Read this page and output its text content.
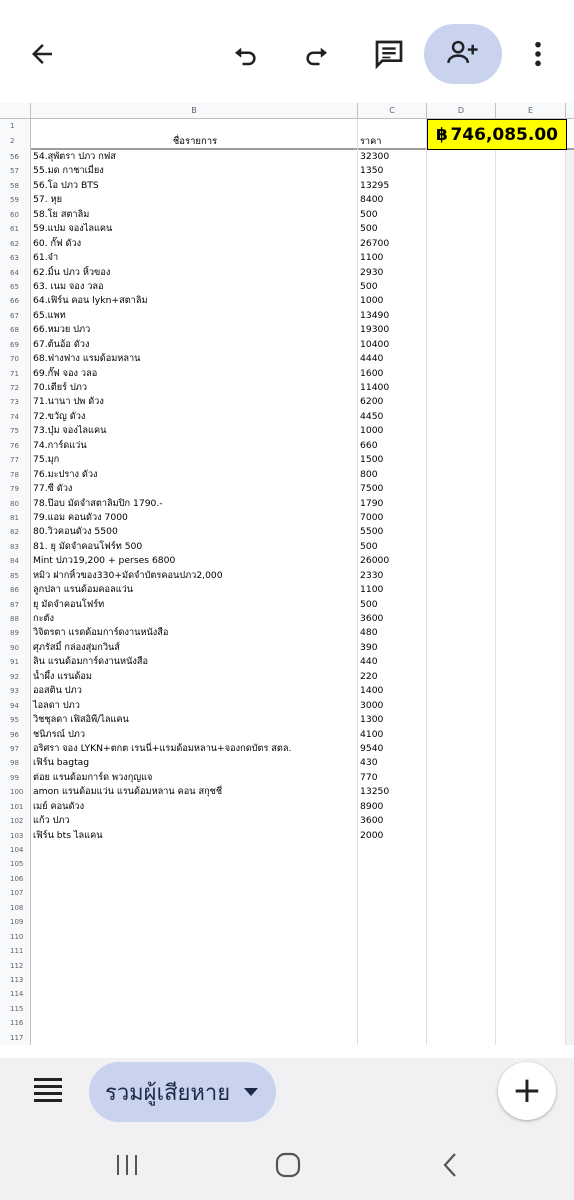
B	C	D	E
1
2	ชื่อรายการ	ราคา	฿ 746,085.00
56	54.สุพัตรา ปภว กฟส	32300
57	55.มด กาชาเมี่ยง	1350
58	56.โอ ปภว BTS	13295
59	57. หุย	8400
60	58.โย สตาลิม	500
61	59.แปม จองไลแคน	500
62	60. กั๊ฟ ดัวง	26700
63	61.จ๋า	1100
64	62.มิ้น ปภว หิ้วของ	2930
65	63. เนม จอง วลอ	500
66	64.เฟิร์น คอน lykn+สตาลิม	1000
67	65.แพท	13490
68	66.หมวย ปภว	19300
69	67.ต้นอ้อ ดัวง	10400
70	68.ฟางฟาง แรมด้อมหลาน	4440
71	69.กั๊ฟ จอง วลอ	1600
72	70.เตียร์ ปภว	11400
73	71.นานา ปพ ดัวง	6200
74	72.ขวัญ ดัวง	4450
75	73.บุ๋ม จองไลแคน	1000
76	74.การ์ดแว่น	660
77	75.มุก	1500
78	76.มะปราง ดัวง	800
79	77.ซี ดัวง	7500
80	78.ป๊อบ มัดจำสตาลิมปิก 1790.-	1790
81	79.แอม คอนดัวง 7000	7000
82	80.วิวคอนดัวง 5500	5500
83	81. ยุ มัดจำคอนโฟร์ท 500	500
84	Mint ปภว19,200 + perses 6800	26000
85	หมิว ฝากหิ้วของ330+มัดจำบัตรคอนปภว2,000	2330
86	ลูกปลา แรนด้อมคอลแว่น	1100
87	ยุ มัดจำคอนโฟร์ท	500
88	กะตัง	3600
89	วิจิตรตา แรดด้อมการ์ดงานหนังสือ	480
90	ศุภรัสมิ์ กล่องสุ่มกวินส์	390
91	ลิน แรนด้อมการ์ดงานหนังสือ	440
92	น้ำผึ้ง แรนด้อม	220
93	ออสติน ปภว	1400
94	ไอลดา ปภว	3000
95	วิชชุลดา เฟิสอิพี/ไลแคน	1300
96	ชนิภรณ์ ปภว	4100
97	อริศรา จอง LYKN+ตกต เรนนี่+แรมด้อมหลาน+จองกดบัตร สตล.	9540
98	เฟิร์น bagtag	430
99	ต่อย แรนด้อมการ์ด พวงกุญแจ	770
100	amon แรนด้อมแว่น แรนด้อมหลาน คอน สกุชชี่	13250
101	เมย์ คอนดัวง	8900
102	แก้ว ปภว	3600
103	เฟิร์น bts ไลแคน	2000
104
105
106
107
108
109
110
111
112
113
114
115
116
117
รวมผู้เสียหาย	+
